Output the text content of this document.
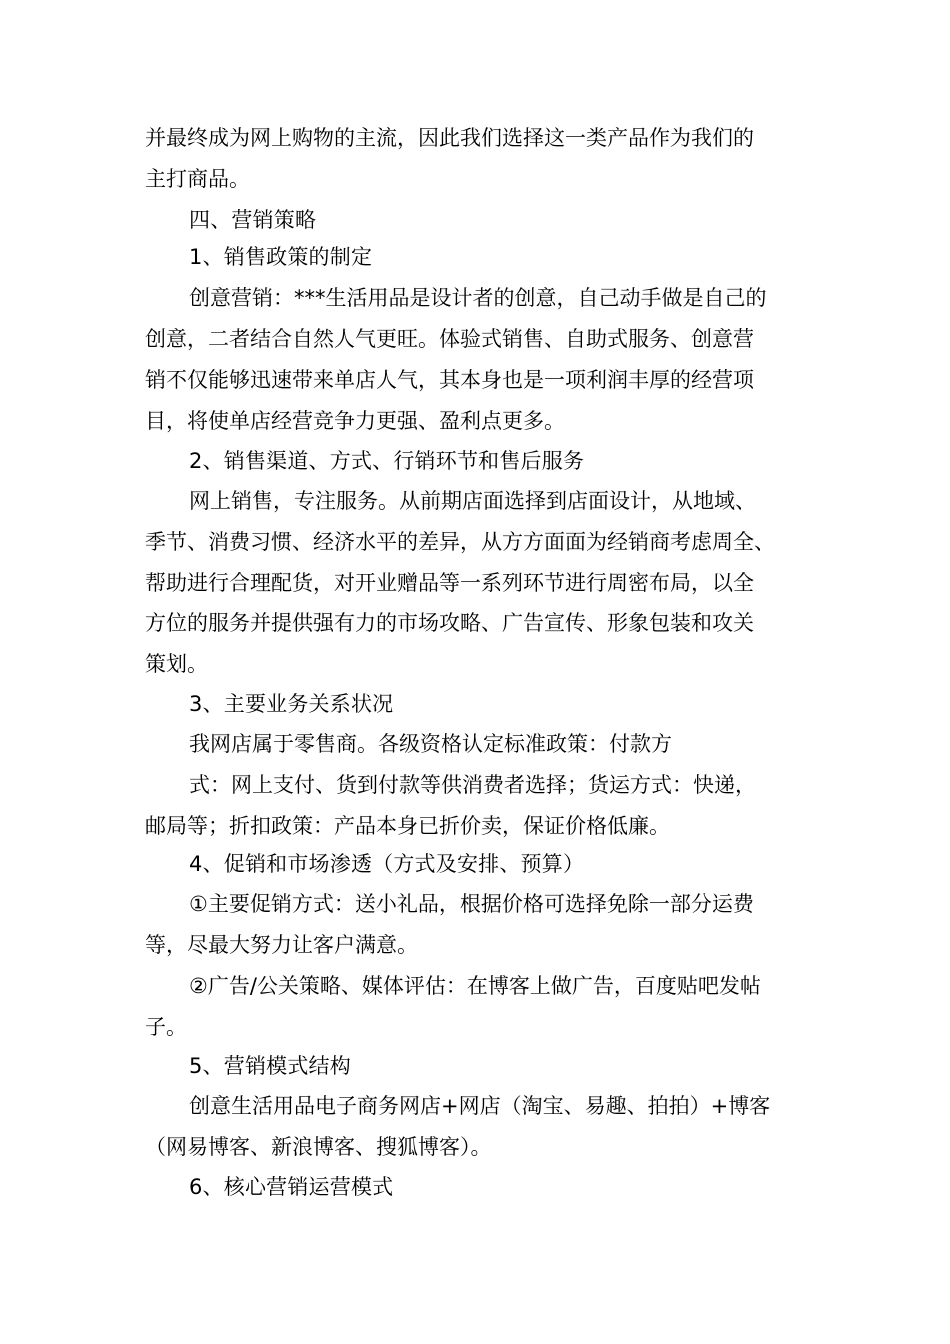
并最终成为网上购物的主流，因此我们选择这一类产品作为我们的

主打商品。

四、营销策略

1、销售政策的制定

创意营销：***生活用品是设计者的创意，自己动手做是自己的

创意，二者结合自然人气更旺。体验式销售、自助式服务、创意营

销不仅能够迅速带来单店人气，其本身也是一项利润丰厚的经营项

目，将使单店经营竞争力更强、盈利点更多。

2、销售渠道、方式、行销环节和售后服务

网上销售，专注服务。从前期店面选择到店面设计，从地域、

季节、消费习惯、经济水平的差异，从方方面面为经销商考虑周全、

帮助进行合理配货，对开业赠品等一系列环节进行周密布局，以全

方位的服务并提供强有力的市场攻略、广告宣传、形象包装和攻关

策划。

3、主要业务关系状况

我网店属于零售商。各级资格认定标准政策：付款方

式：网上支付、货到付款等供消费者选择；货运方式：快递，

邮局等；折扣政策：产品本身已折价卖，保证价格低廉。

4、促销和市场渗透（方式及安排、预算）

①主要促销方式：送小礼品，根据价格可选择免除一部分运费

等，尽最大努力让客户满意。

②广告/公关策略、媒体评估：在博客上做广告，百度贴吧发帖

子。

5、营销模式结构

创意生活用品电子商务网店+网店（淘宝、易趣、拍拍）+博客

（网易博客、新浪博客、搜狐博客）。

6、核心营销运营模式
